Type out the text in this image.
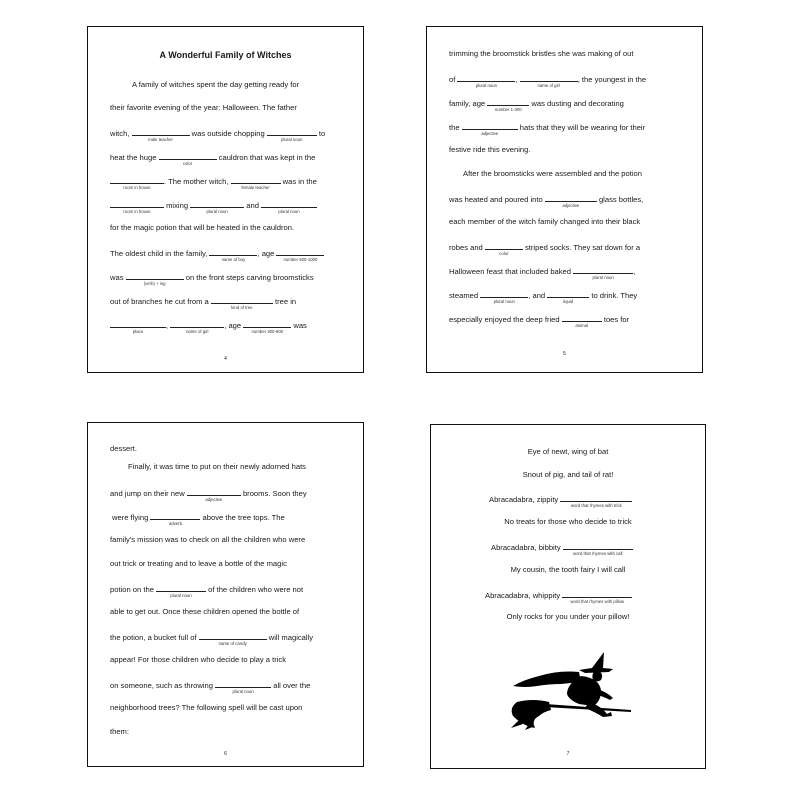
A Wonderful Family of Witches
A family of witches spent the day getting ready for
their favorite evening of the year: Halloween. The father
witch,
male teacher
was outside chopping
plural noun
to
heat the huge
color
cauldron that was kept in the
room in house
. The mother witch,
female teacher
was in the
room in house
mixing
plural noun
and
plural noun
for the magic potion that will be heated in the cauldron.
The oldest child in the family,
name of boy
, age
number 500-1000
was
(verb) + ing
on the front steps carving broomsticks
out of branches he cut from a
kind of tree
tree in
place
,
name of girl
, age
number 300-500
was
4
trimming the broomstick bristles she was making of out
of
plural noun
,
name of girl
, the youngest in the
family, age
number 1-300
was dusting and decorating
the
adjective
hats that they will be wearing for their
festive ride this evening.
After the broomsticks were assembled and the potion
was heated and poured into
adjective
glass bottles,
each member of the witch family changed into their black
robes and
color
striped socks. They sat down for a
Halloween feast that included baked
plural noun
,
steamed
plural noun
, and
liquid
to drink. They
especially enjoyed the deep fried
animal
toes for
5
dessert.
Finally, it was time to put on their newly adorned hats
and jump on their new
adjective
brooms. Soon they
were flying
adverb
above the tree tops. The
family's mission was to check on all the children who were
out trick or treating and to leave a bottle of the magic
potion on the
plural noun
of the children who were not
able to get out. Once these children opened the bottle of
the potion, a bucket full of
name of candy
will magically
appear! For those children who decide to play a trick
on someone, such as throwing
plural noun
all over the
neighborhood trees? The following spell will be cast upon
them:
6
Eye of newt, wing of bat
Snout of pig, and tail of rat!
Abracadabra, zippity
word that rhymes with trick
No treats for those who decide to trick
Abracadabra, bibbity
word that rhymes with call
My cousin, the tooth fairy I will call
Abracadabra, whippity
word that rhymes with pillow
Only rocks for you under your pillow!
7
